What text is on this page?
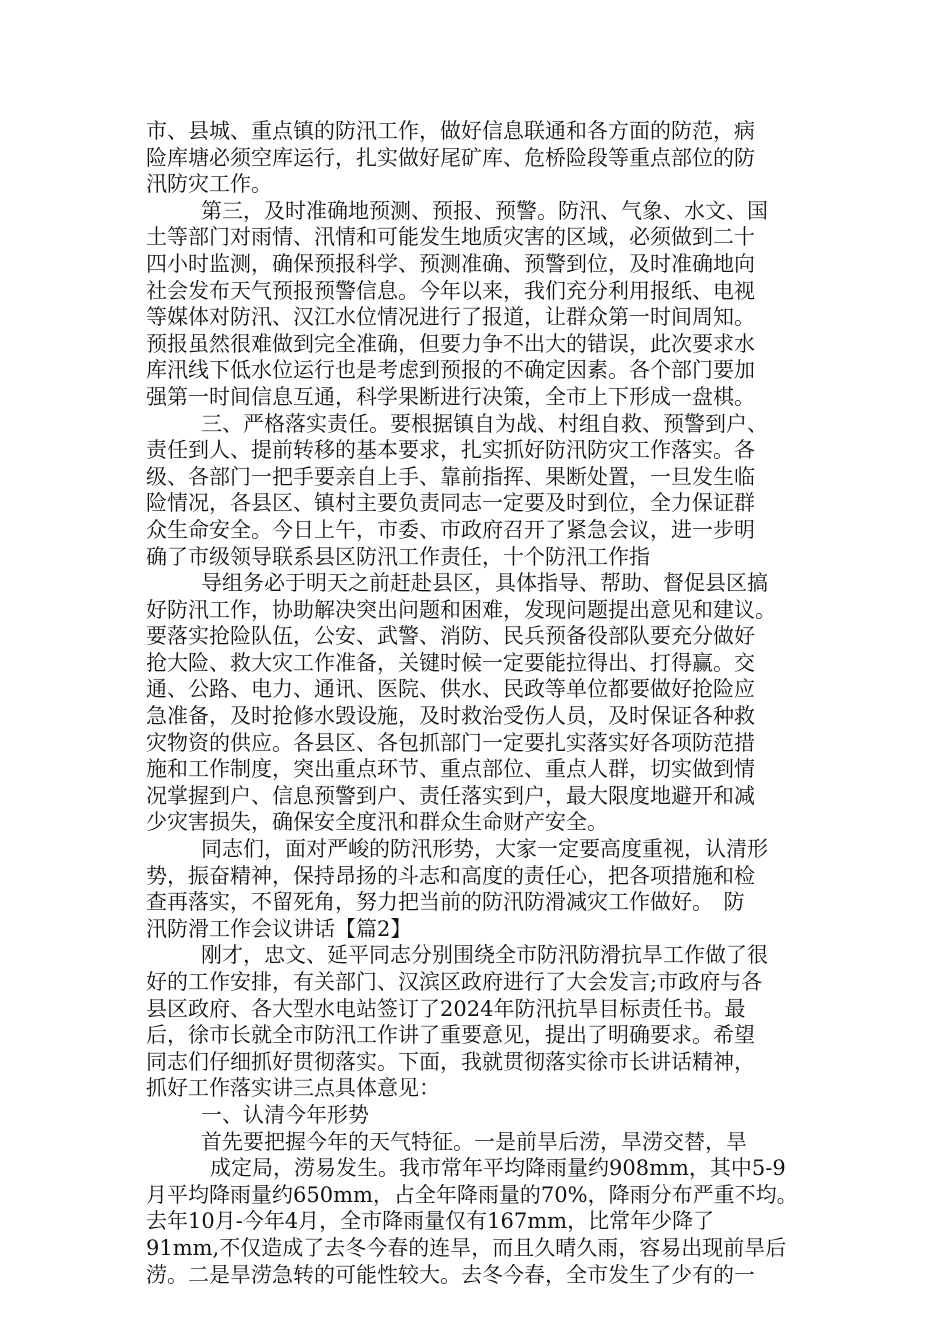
市、县城、重点镇的防汛工作，做好信息联通和各方面的防范，病
险库塘必须空库运行，扎实做好尾矿库、危桥险段等重点部位的防
汛防灾工作。
第三，及时准确地预测、预报、预警。防汛、气象、水文、国
土等部门对雨情、汛情和可能发生地质灾害的区域，必须做到二十
四小时监测，确保预报科学、预测准确、预警到位，及时准确地向
社会发布天气预报预警信息。今年以来，我们充分利用报纸、电视
等媒体对防汛、汉江水位情况进行了报道，让群众第一时间周知。
预报虽然很难做到完全准确，但要力争不出大的错误，此次要求水
库汛线下低水位运行也是考虑到预报的不确定因素。各个部门要加
强第一时间信息互通，科学果断进行决策，全市上下形成一盘棋。
三、严格落实责任。要根据镇自为战、村组自救、预警到户、
责任到人、提前转移的基本要求，扎实抓好防汛防灾工作落实。各
级、各部门一把手要亲自上手、靠前指挥、果断处置，一旦发生临
险情况，各县区、镇村主要负责同志一定要及时到位，全力保证群
众生命安全。今日上午，市委、市政府召开了紧急会议，进一步明
确了市级领导联系县区防汛工作责任，十个防汛工作指
导组务必于明天之前赶赴县区，具体指导、帮助、督促县区搞
好防汛工作，协助解决突出问题和困难，发现问题提出意见和建议。
要落实抢险队伍，公安、武警、消防、民兵预备役部队要充分做好
抢大险、救大灾工作准备，关键时候一定要能拉得出、打得赢。交
通、公路、电力、通讯、医院、供水、民政等单位都要做好抢险应
急准备，及时抢修水毁设施，及时救治受伤人员，及时保证各种救
灾物资的供应。各县区、各包抓部门一定要扎实落实好各项防范措
施和工作制度，突出重点环节、重点部位、重点人群，切实做到情
况掌握到户、信息预警到户、责任落实到户，最大限度地避开和减
少灾害损失，确保安全度汛和群众生命财产安全。
同志们，面对严峻的防汛形势，大家一定要高度重视，认清形
势，振奋精神，保持昂扬的斗志和高度的责任心，把各项措施和检
查再落实，不留死角，努力把当前的防汛防滑减灾工作做好。　防
汛防滑工作会议讲话【篇2】
刚才，忠文、延平同志分别围绕全市防汛防滑抗旱工作做了很
好的工作安排，有关部门、汉滨区政府进行了大会发言;市政府与各
县区政府、各大型水电站签订了2024年防汛抗旱目标责任书。最
后，徐市长就全市防汛工作讲了重要意见，提出了明确要求。希望
同志们仔细抓好贯彻落实。下面，我就贯彻落实徐市长讲话精神，
抓好工作落实讲三点具体意见：
一、认清今年形势
首先要把握今年的天气特征。一是前旱后涝，旱涝交替，旱
成定局，涝易发生。我市常年平均降雨量约908mm，其中5-9
月平均降雨量约650mm，占全年降雨量的70%，降雨分布严重不均。
去年10月-今年4月，全市降雨量仅有167mm，比常年少降了
91mm,不仅造成了去冬今春的连旱，而且久晴久雨，容易出现前旱后
涝。二是旱涝急转的可能性较大。去冬今春，全市发生了少有的一
